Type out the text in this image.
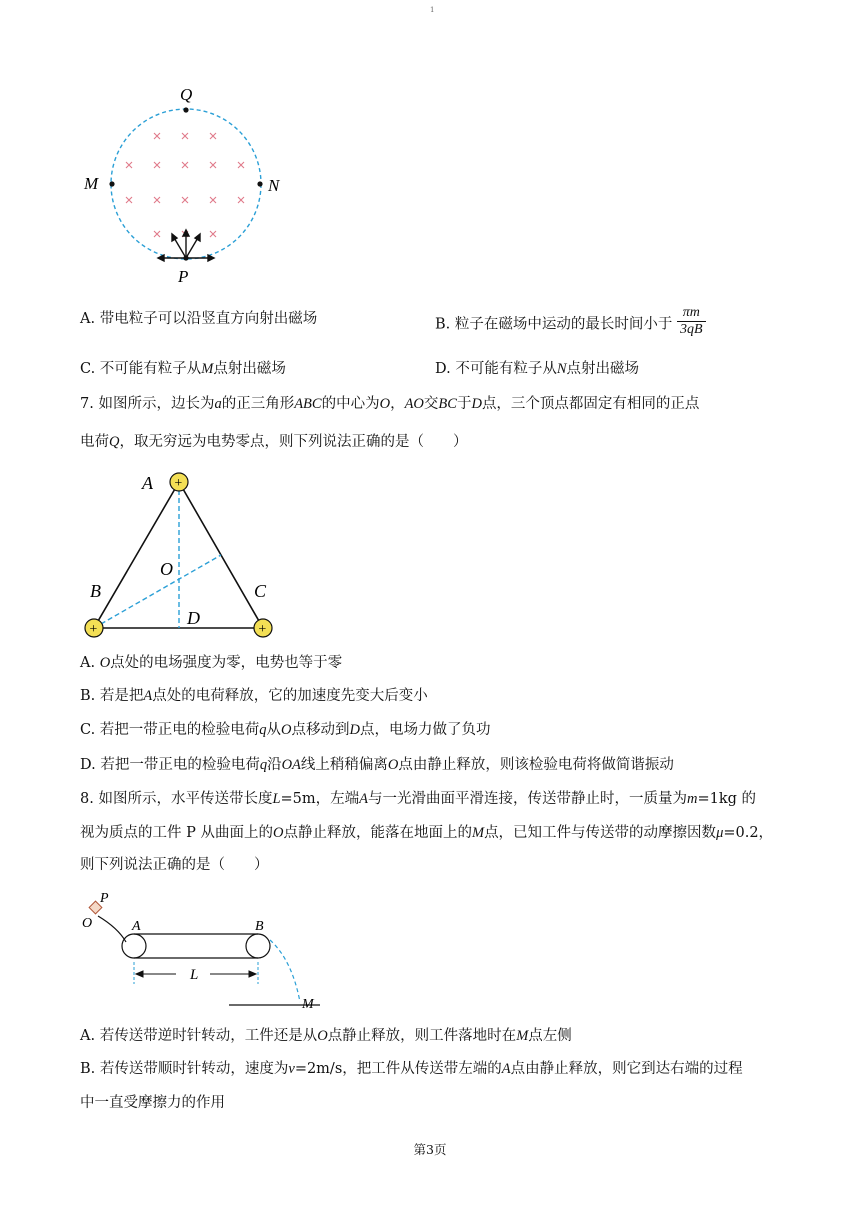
1
Q
M	N
P
A. 带电粒子可以沿竖直方向射出磁场	B. 粒子在磁场中运动的最长时间小于 $\frac{\pi m}{3qB}$
C. 不可能有粒子从M点射出磁场	D. 不可能有粒子从N点射出磁场
7. 如图所示，边长为a的正三角形ABC的中心为O，AO交BC于D点，三个顶点都固定有相同的正点
电荷Q，取无穷远为电势零点，则下列说法正确的是（　　）
+
+	+
A
B	C
O
D
A. O点处的电场强度为零，电势也等于零
B. 若是把A点处的电荷释放，它的加速度先变大后变小
C. 若把一带正电的检验电荷q从O点移动到D点，电场力做了负功
D. 若把一带正电的检验电荷q沿OA线上稍稍偏离O点由静止释放，则该检验电荷将做简谐振动
8. 如图所示，水平传送带长度L=5m，左端A与一光滑曲面平滑连接，传送带静止时，一质量为m=1kg 的
视为质点的工件 P 从曲面上的O点静止释放，能落在地面上的M点，已知工件与传送带的动摩擦因数μ=0.2，
则下列说法正确的是（　　）
P
O	A	B
L
M
A. 若传送带逆时针转动，工件还是从O点静止释放，则工件落地时在M点左侧
B. 若传送带顺时针转动，速度为v=2m/s，把工件从传送带左端的A点由静止释放，则它到达右端的过程
中一直受摩擦力的作用
第3页
